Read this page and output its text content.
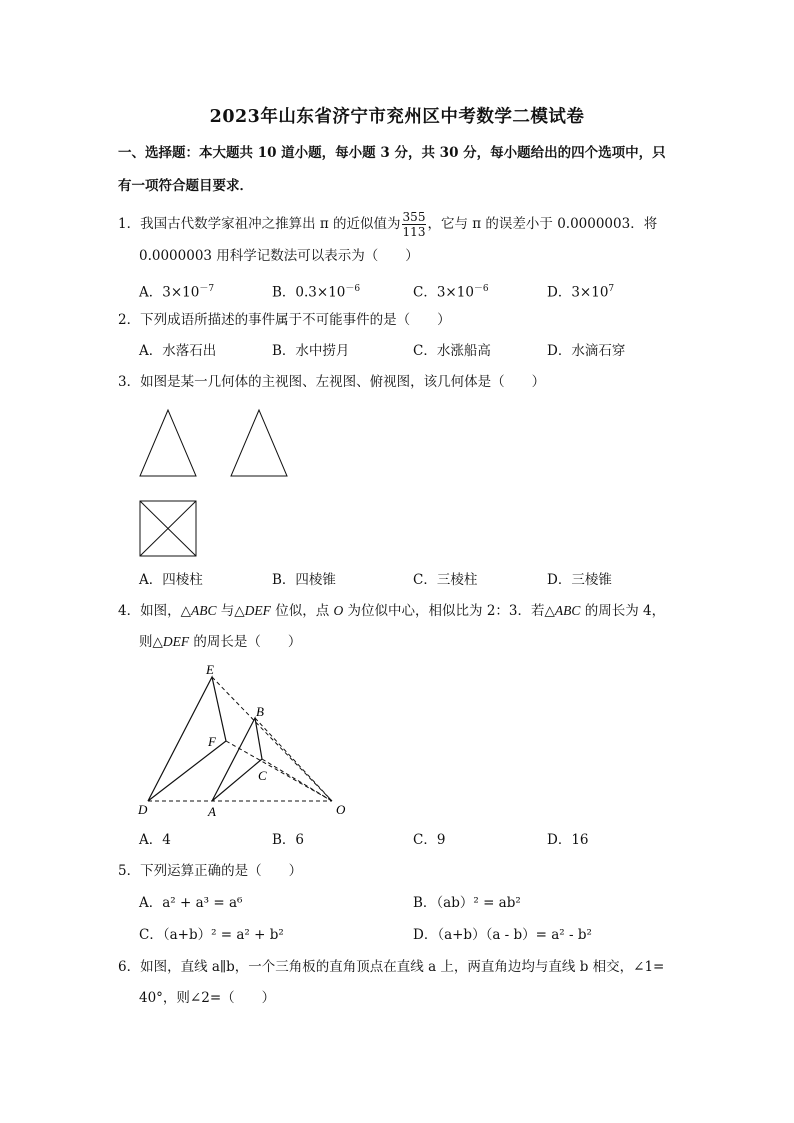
2023年山东省济宁市兖州区中考数学二模试卷
一、选择题：本大题共 10 道小题，每小题 3 分，共 30 分，每小题给出的四个选项中，只
有一项符合题目要求．
1．我国古代数学家祖冲之推算出 π 的近似值为 $\frac{355}{113}$ ，它与 π 的误差小于 0.0000003．将
0.0000003 用科学记数法可以表示为（　　）
A．$3\times 10^{-7}$	B．$0.3\times 10^{-6}$	C．$3\times 10^{-6}$	D．$3\times 10^7$
2．下列成语所描述的事件属于不可能事件的是（　　）
A．水落石出	B．水中捞月	C．水涨船高	D．水滴石穿
3．如图是某一几何体的主视图、左视图、俯视图，该几何体是（　　）
A．四棱柱	B．四棱锥	C．三棱柱	D．三棱锥
4．如图，△ABC 与△DEF 位似，点 O 为位似中心，相似比为 2：3．若△ABC 的周长为 4，
则△DEF 的周长是（　　）
E
B
F
C
D	A	O
A．4	B．6	C．9	D．16
5．下列运算正确的是（　　）
A．a² + a³ = a⁶	B．（ab）² = ab²
C．（a+b）² = a² + b²	D．（a+b）（a - b）= a² - b²
6．如图，直线 a∥b，一个三角板的直角顶点在直线 a 上，两直角边均与直线 b 相交，∠1=
40°，则∠2=（　　）
